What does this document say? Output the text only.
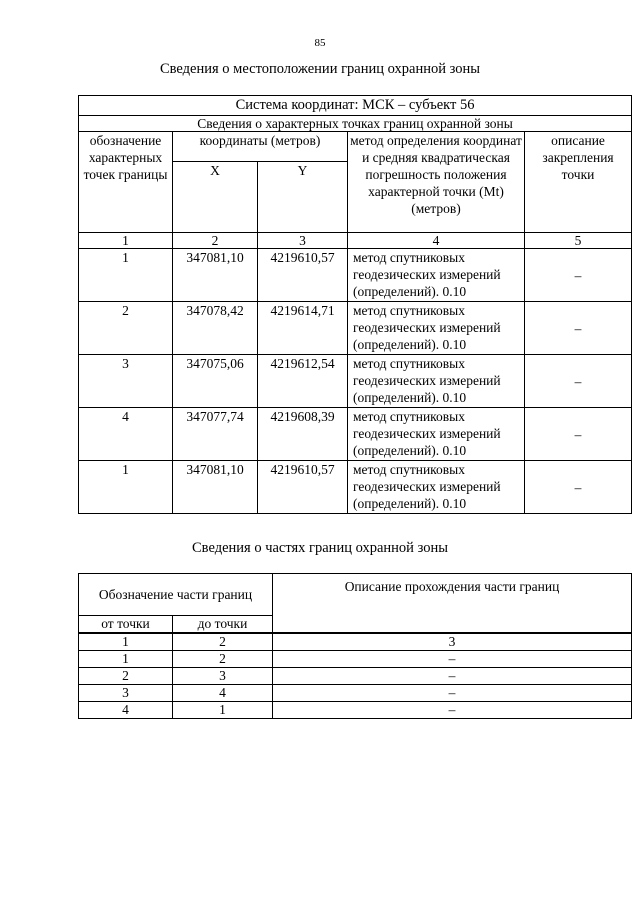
85
Сведения о местоположении границ охранной зоны
Система координат: МСК – субъект 56				
Сведения о характерных точках границ охранной зоны				
обозначение характерных точек границы	координаты (метров)		метод определения координат и средняя квадратическая погрешность положения характерной точки (Mt) (метров)	описание закрепления точки
	X	Y		
1	2	3	4	5
1	347081,10	4219610,57	метод спутниковых геодезических измерений (определений). 0.10	–
2	347078,42	4219614,71	метод спутниковых геодезических измерений (определений). 0.10	–
3	347075,06	4219612,54	метод спутниковых геодезических измерений (определений). 0.10	–
4	347077,74	4219608,39	метод спутниковых геодезических измерений (определений). 0.10	–
1	347081,10	4219610,57	метод спутниковых геодезических измерений (определений). 0.10	–
Сведения о частях границ охранной зоны
Обозначение части границ		Описание прохождения части границ
от точки	до точки	
1	2	3
1	2	–
2	3	–
3	4	–
4	1	–
